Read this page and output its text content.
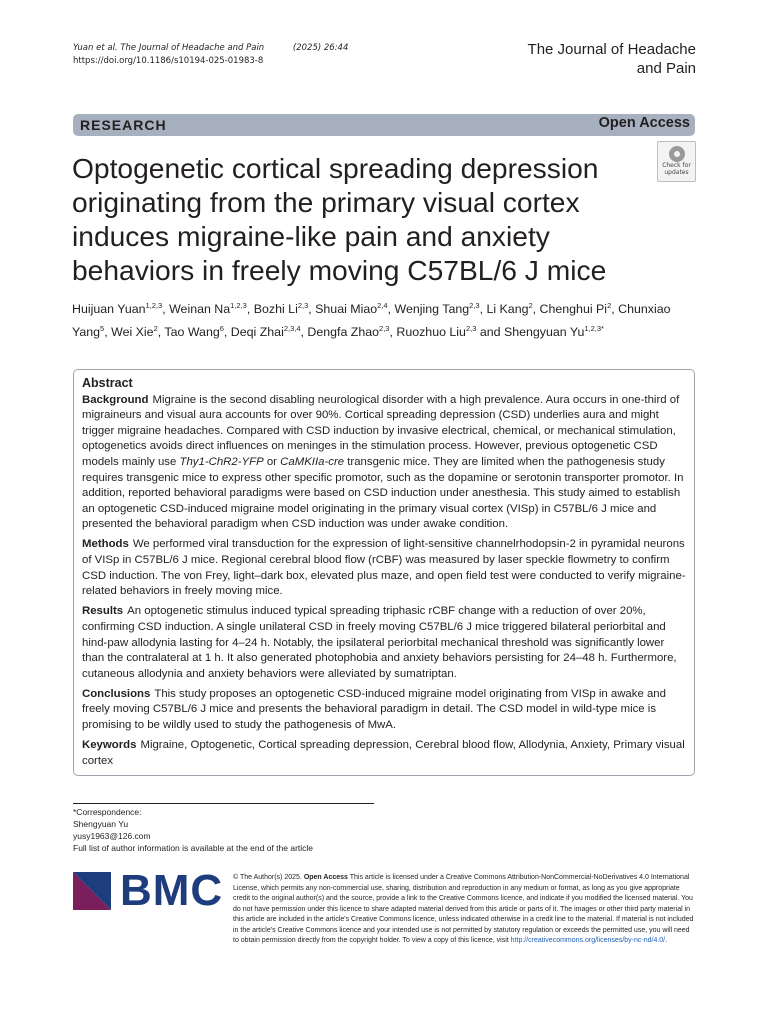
Yuan et al. The Journal of Headache and Pain	(2025) 26:44
https://doi.org/10.1186/s10194-025-01983-8
The Journal of Headache
and Pain
RESEARCH	Open Access
Check for
updates
Optogenetic cortical spreading depression originating from the primary visual cortex induces migraine-like pain and anxiety behaviors in freely moving C57BL/6 J mice
Huijuan Yuan$^{1,2,3}$, Weinan Na$^{1,2,3}$, Bozhi Li$^{2,3}$, Shuai Miao$^{2,4}$, Wenjing Tang$^{2,3}$, Li Kang$^2$, Chenghui Pi$^2$, Chunxiao Yang$^5$, Wei Xie$^2$, Tao Wang$^6$, Deqi Zhai$^{2,3,4}$, Dengfa Zhao$^{2,3}$, Ruozhuo Liu$^{2,3}$ and Shengyuan $Yu^{1,2,3*}$
Abstract

Background Migraine is the second disabling neurological disorder with a high prevalence. Aura occurs in one-third of migraineurs and visual aura accounts for over 90%. Cortical spreading depression (CSD) underlies aura and might trigger migraine headaches. Compared with CSD induction by invasive electrical, chemical, or mechanical stimulation, optogenetics avoids direct influences on meninges in the stimulation process. However, previous optogenetic CSD models mainly use Thy1-ChR2-YFP or CaMKIIa-cre transgenic mice. They are limited when the pathogenesis study requires transgenic mice to express other specific promotor, such as the dopamine or serotonin transporter promotor. In addition, reported behavioral paradigms were based on CSD induction under anesthesia. This study aimed to establish an optogenetic CSD-induced migraine model originating in the primary visual cortex (VISp) in C57BL/6 J mice and presented the behavioral paradigm when CSD induction was under awake condition.

Methods We performed viral transduction for the expression of light-sensitive channelrhodopsin-2 in pyramidal neurons of VISp in C57BL/6 J mice. Regional cerebral blood flow (rCBF) was measured by laser speckle flowmetry to confirm CSD induction. The von Frey, light–dark box, elevated plus maze, and open field test were conducted to verify migraine-related behaviors in freely moving mice.

Results An optogenetic stimulus induced typical spreading triphasic rCBF change with a reduction of over 20%, confirming CSD induction. A single unilateral CSD in freely moving C57BL/6 J mice triggered bilateral periorbital and hind-paw allodynia lasting for 4–24 h. Notably, the ipsilateral periorbital mechanical threshold was significantly lower than the contralateral at 1 h. It also generated photophobia and anxiety behaviors persisting for 24–48 h. Furthermore, cutaneous allodynia and anxiety behaviors were alleviated by sumatriptan.

Conclusions This study proposes an optogenetic CSD-induced migraine model originating from VISp in awake and freely moving C57BL/6 J mice and presents the behavioral paradigm in detail. The CSD model in wild-type mice is promising to be wildly used to study the pathogenesis of MwA.

Keywords Migraine, Optogenetic, Cortical spreading depression, Cerebral blood flow, Allodynia, Anxiety, Primary visual cortex

*Correspondence:
Shengyuan Yu
yusy1963@126.com
Full list of author information is available at the end of the article
BMC © The Author(s) 2025. Open Access This article is licensed under a Creative Commons Attribution-NonCommercial-NoDerivatives 4.0 International License, which permits any non-commercial use, sharing, distribution and reproduction in any medium or format, as long as you give appropriate credit to the original author(s) and the source, provide a link to the Creative Commons licence, and indicate if you modified the licensed material. You do not have permission under this licence to share adapted material derived from this article or parts of it. The images or other third party material in this article are included in the article's Creative Commons licence, unless indicated otherwise in a credit line to the material. If material is not included in the article's Creative Commons licence and your intended use is not permitted by statutory regulation or exceeds the permitted use, you will need to obtain permission directly from the copyright holder. To view a copy of this licence, visit http://creativecommons.org/licenses/by-nc-nd/4.0/.
